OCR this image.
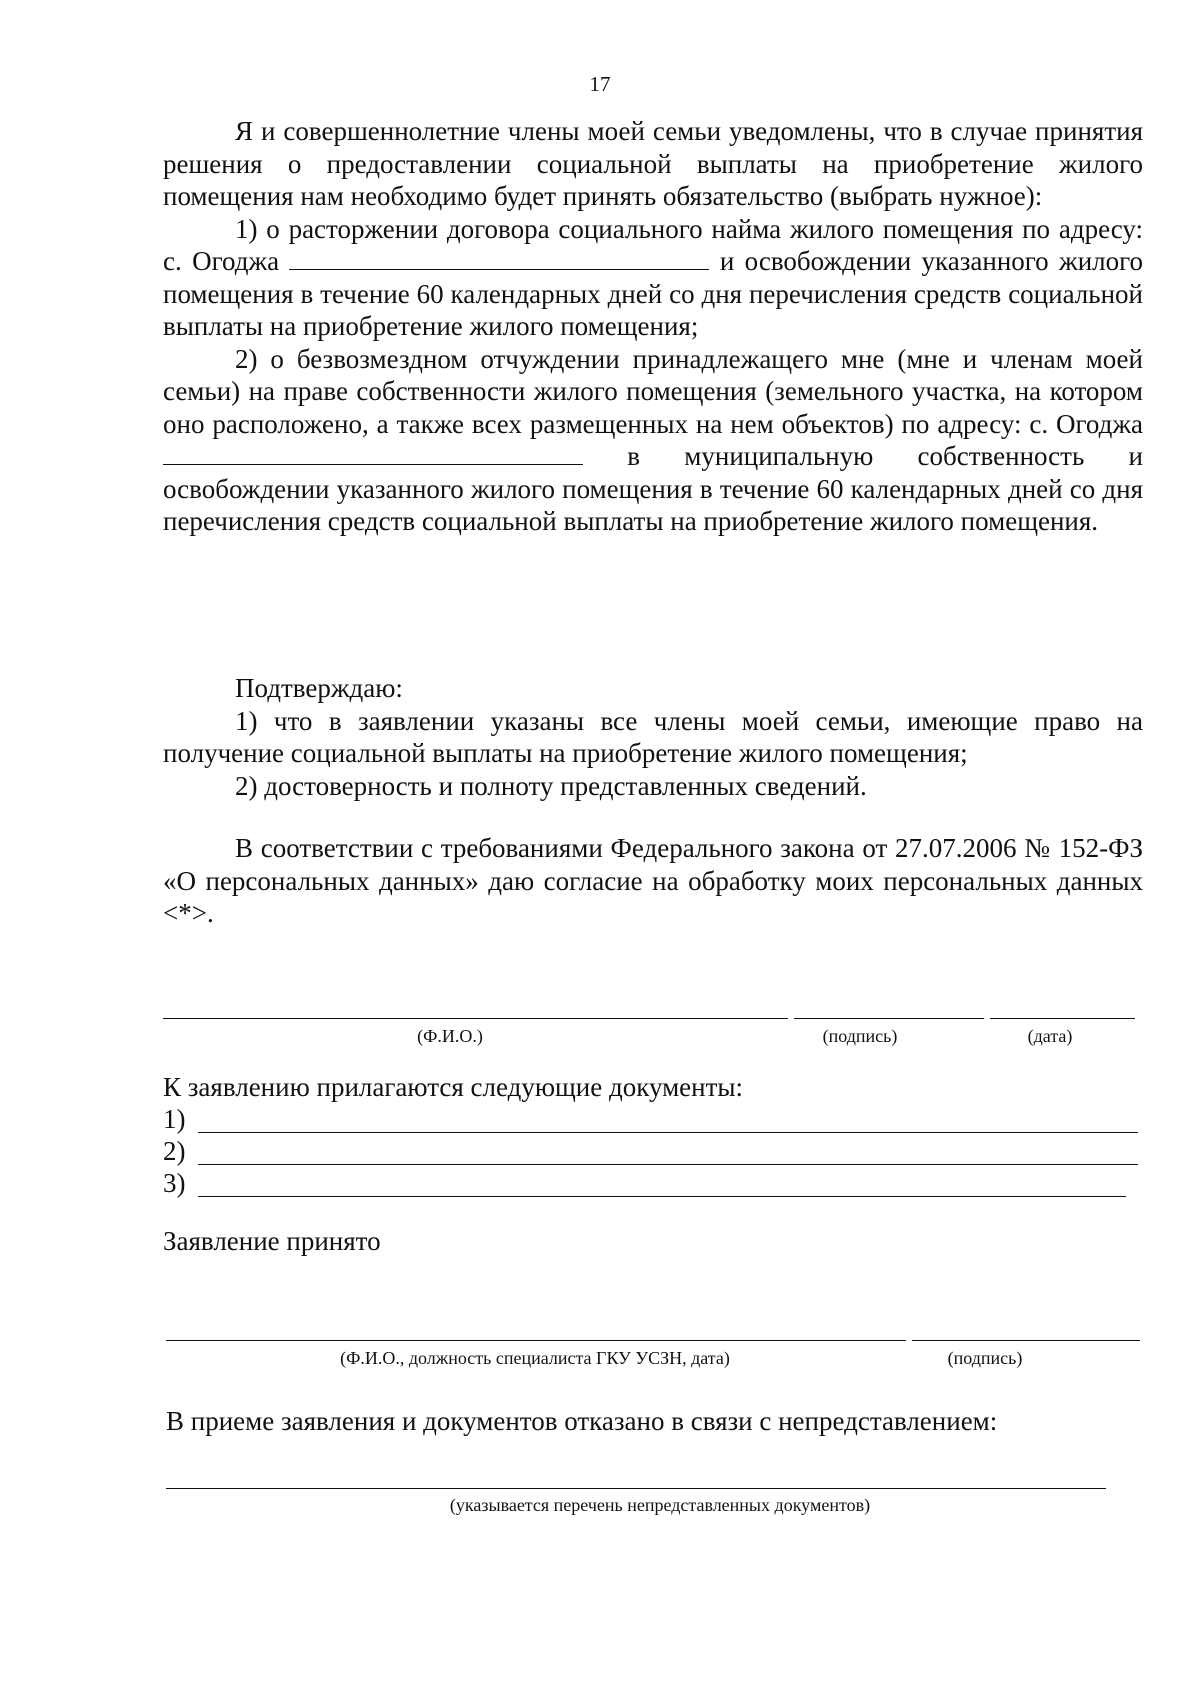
17

Я и совершеннолетние члены моей семьи уведомлены, что в случае принятия решения о предоставлении социальной выплаты на приобретение жилого помещения нам необходимо будет принять обязательство (выбрать нужное):

1) о расторжении договора социального найма жилого помещения по адресу: с. Огоджа	и освобождении указанного жилого помещения в течение 60 календарных дней со дня перечисления средств социальной выплаты на приобретение жилого помещения;

2) о безвозмездном отчуждении принадлежащего мне (мне и членам моей семьи) на праве собственности жилого помещения (земельного участка, на котором оно расположено, а также всех размещенных на нем объектов) по адресу: с. Огоджа  в муниципальную собственность и освобождении указанного жилого помещения в течение 60 календарных дней со дня перечисления средств социальной выплаты на приобретение жилого помещения.

Подтверждаю:

1) что в заявлении указаны все члены моей семьи, имеющие право на получение социальной выплаты на приобретение жилого помещения;

2) достоверность и полноту представленных сведений.

В соответствии с требованиями Федерального закона от 27.07.2006 № 152-ФЗ «О персональных данных» даю согласие на обработку моих персональных данных <*>.

(Ф.И.О.)	(подпись)	(дата)
К заявлению прилагаются следующие документы:
1)
2)
3)
Заявление принято
(Ф.И.О., должность специалиста ГКУ УСЗН, дата)	(подпись)
В приеме заявления и документов отказано в связи с непредставлением:
(указывается перечень непредставленных документов)
